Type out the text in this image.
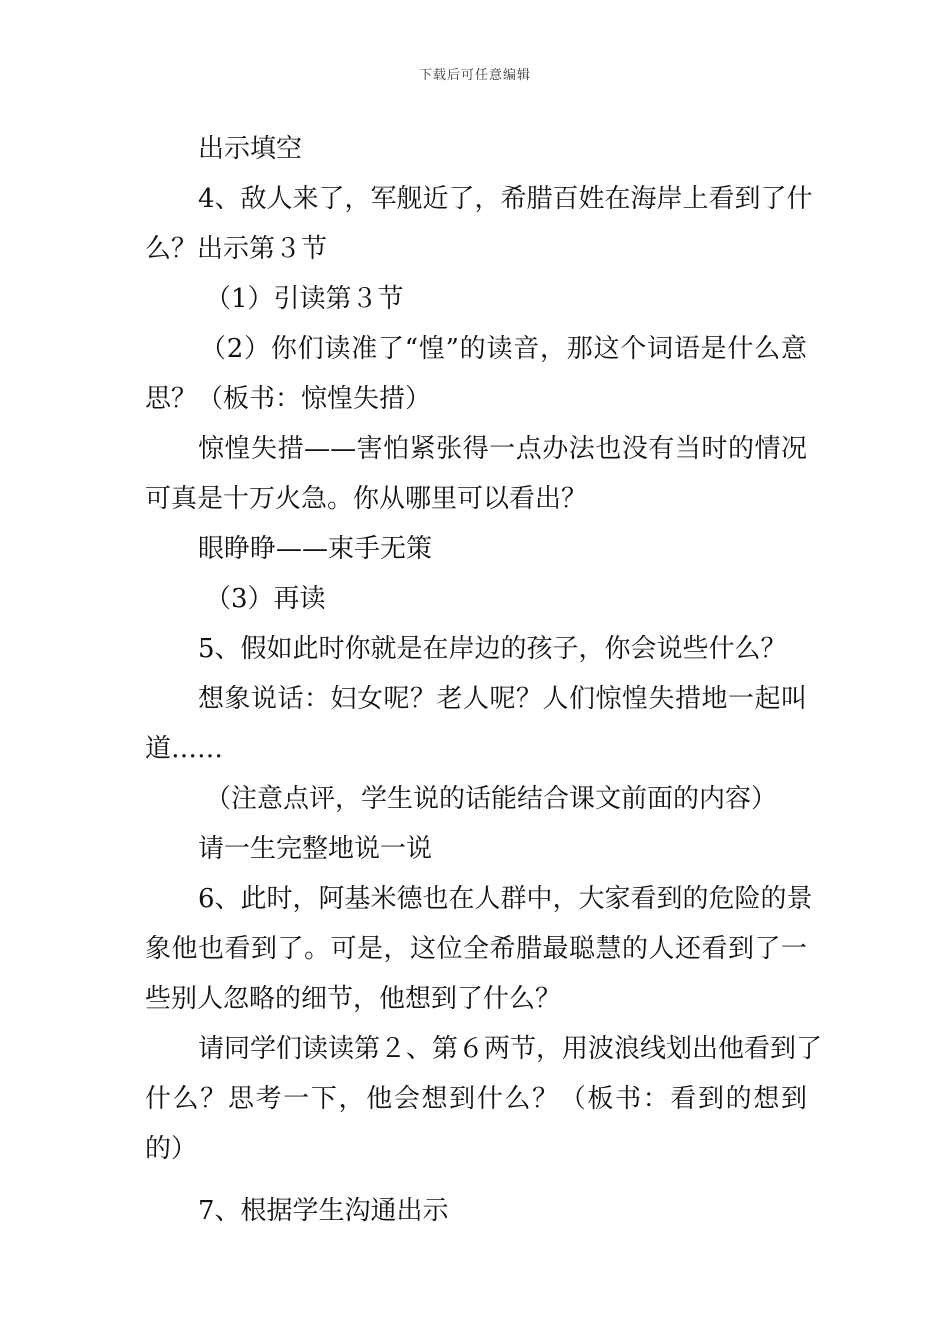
下载后可任意编辑
出示填空
4、敌人来了，军舰近了，希腊百姓在海岸上看到了什
么？出示第３节
（1）引读第３节
（2）你们读准了“惶”的读音，那这个词语是什么意
思？（板书：惊惶失措）
惊惶失措——害怕紧张得一点办法也没有当时的情况
可真是十万火急。你从哪里可以看出？
眼睁睁——束手无策
（3）再读
5、假如此时你就是在岸边的孩子，你会说些什么？
想象说话：妇女呢？老人呢？人们惊惶失措地一起叫
道……
（注意点评，学生说的话能结合课文前面的内容）
请一生完整地说一说
6、此时，阿基米德也在人群中，大家看到的危险的景
象他也看到了。可是，这位全希腊最聪慧的人还看到了一
些别人忽略的细节，他想到了什么？
请同学们读读第２、第６两节，用波浪线划出他看到了
什么？思考一下，他会想到什么？（板书：看到的想到
的）
7、根据学生沟通出示
